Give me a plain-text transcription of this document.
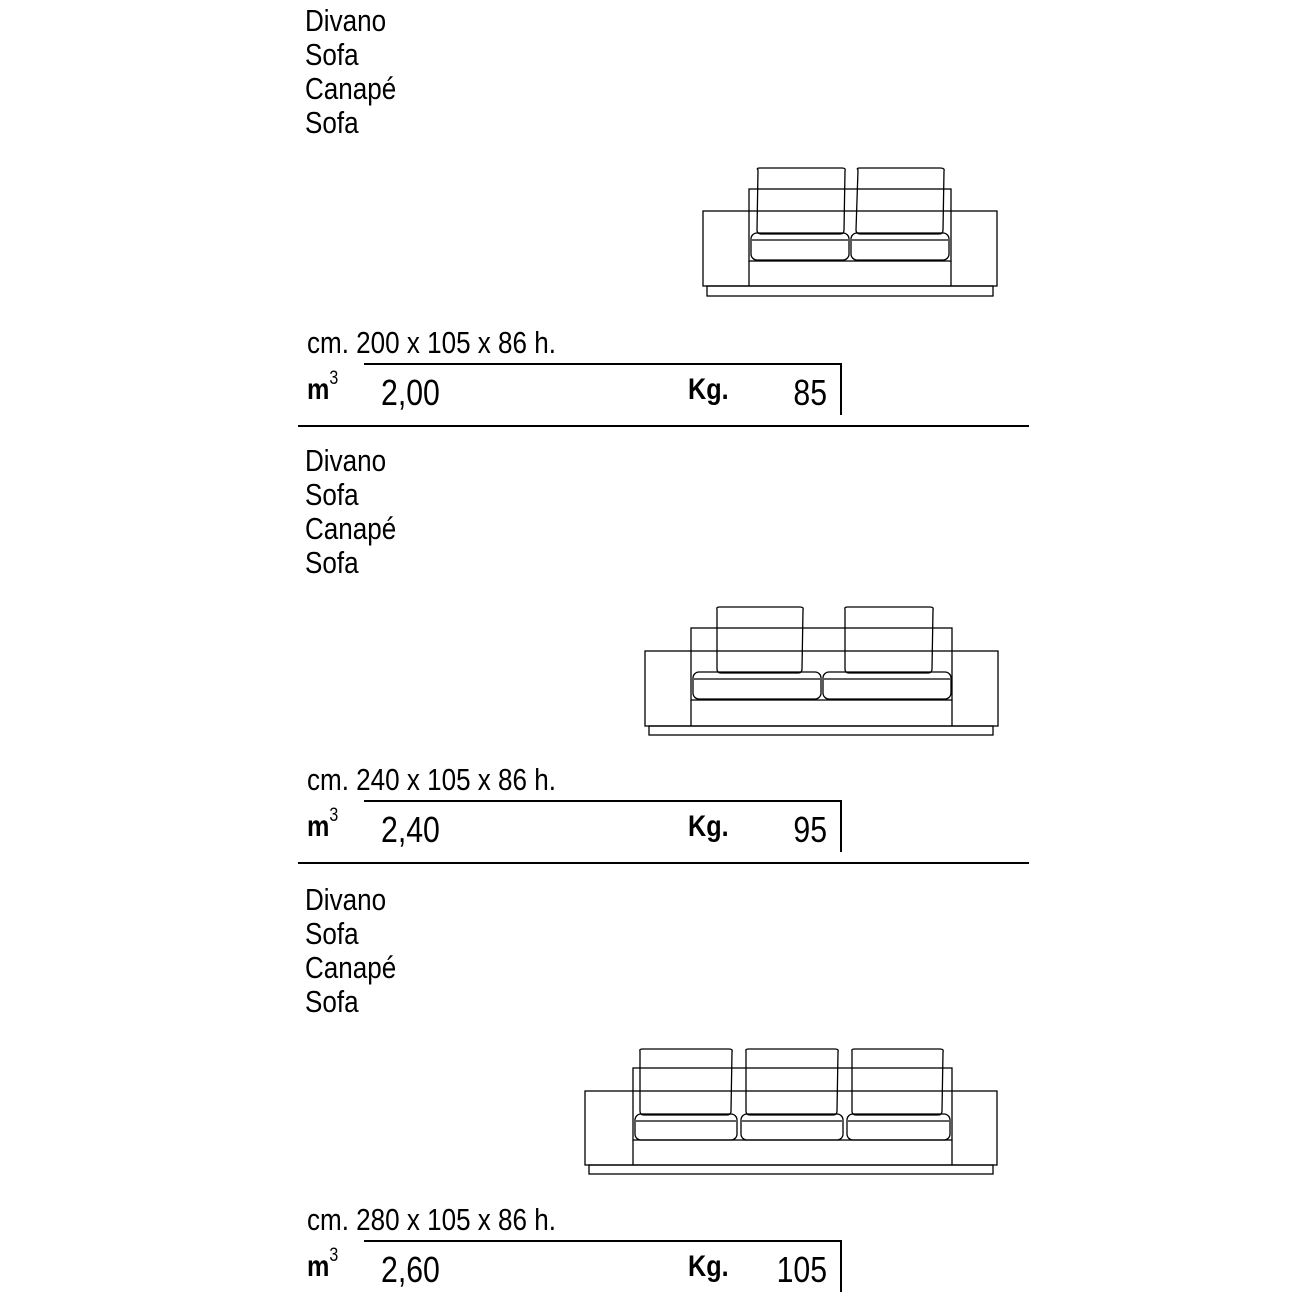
Divano
Sofa
Canapé
Sofa
cm. 200 x 105 x 86 h.
$m^3$ 2,00	Kg. 85
Divano
Sofa
Canapé
Sofa
cm. 240 x 105 x 86 h.
$m^3$ 2,40	Kg. 95
Divano
Sofa
Canapé
Sofa
cm. 280 x 105 x 86 h.
$m^3$ 2,60	Kg. 105
